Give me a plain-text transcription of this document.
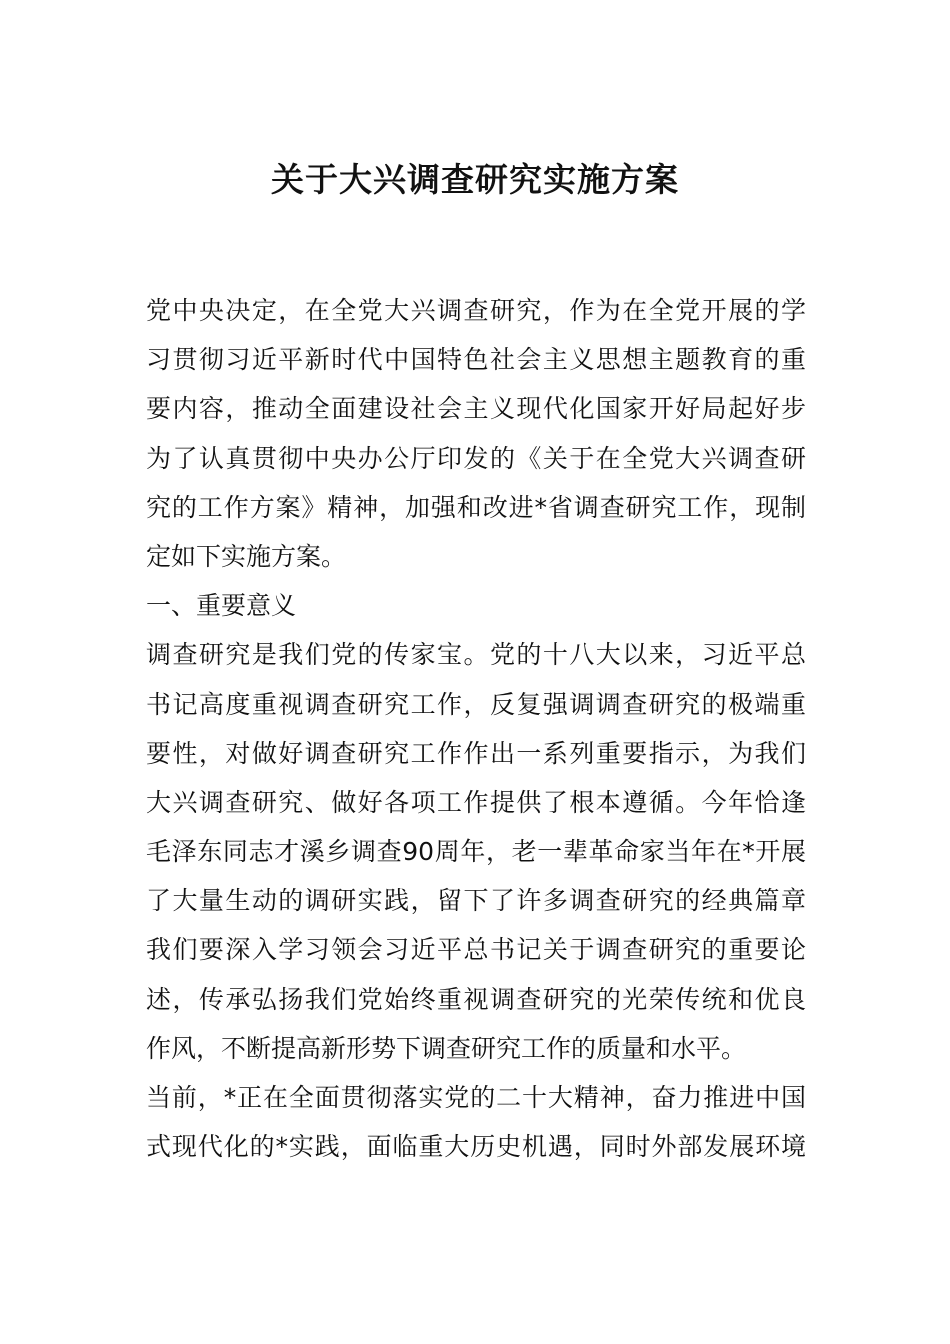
关于大兴调查研究实施方案
党中央决定，在全党大兴调查研究，作为在全党开展的学
习贯彻习近平新时代中国特色社会主义思想主题教育的重
要内容，推动全面建设社会主义现代化国家开好局起好步
为了认真贯彻中央办公厅印发的《关于在全党大兴调查研
究的工作方案》精神，加强和改进*省调查研究工作，现制
定如下实施方案。
一、重要意义
调查研究是我们党的传家宝。党的十八大以来，习近平总
书记高度重视调查研究工作，反复强调调查研究的极端重
要性，对做好调查研究工作作出一系列重要指示，为我们
大兴调查研究、做好各项工作提供了根本遵循。今年恰逢
毛泽东同志才溪乡调查90周年，老一辈革命家当年在*开展
了大量生动的调研实践，留下了许多调查研究的经典篇章
我们要深入学习领会习近平总书记关于调查研究的重要论
述，传承弘扬我们党始终重视调查研究的光荣传统和优良
作风，不断提高新形势下调查研究工作的质量和水平。
当前，*正在全面贯彻落实党的二十大精神，奋力推进中国
式现代化的*实践，面临重大历史机遇，同时外部发展环境
